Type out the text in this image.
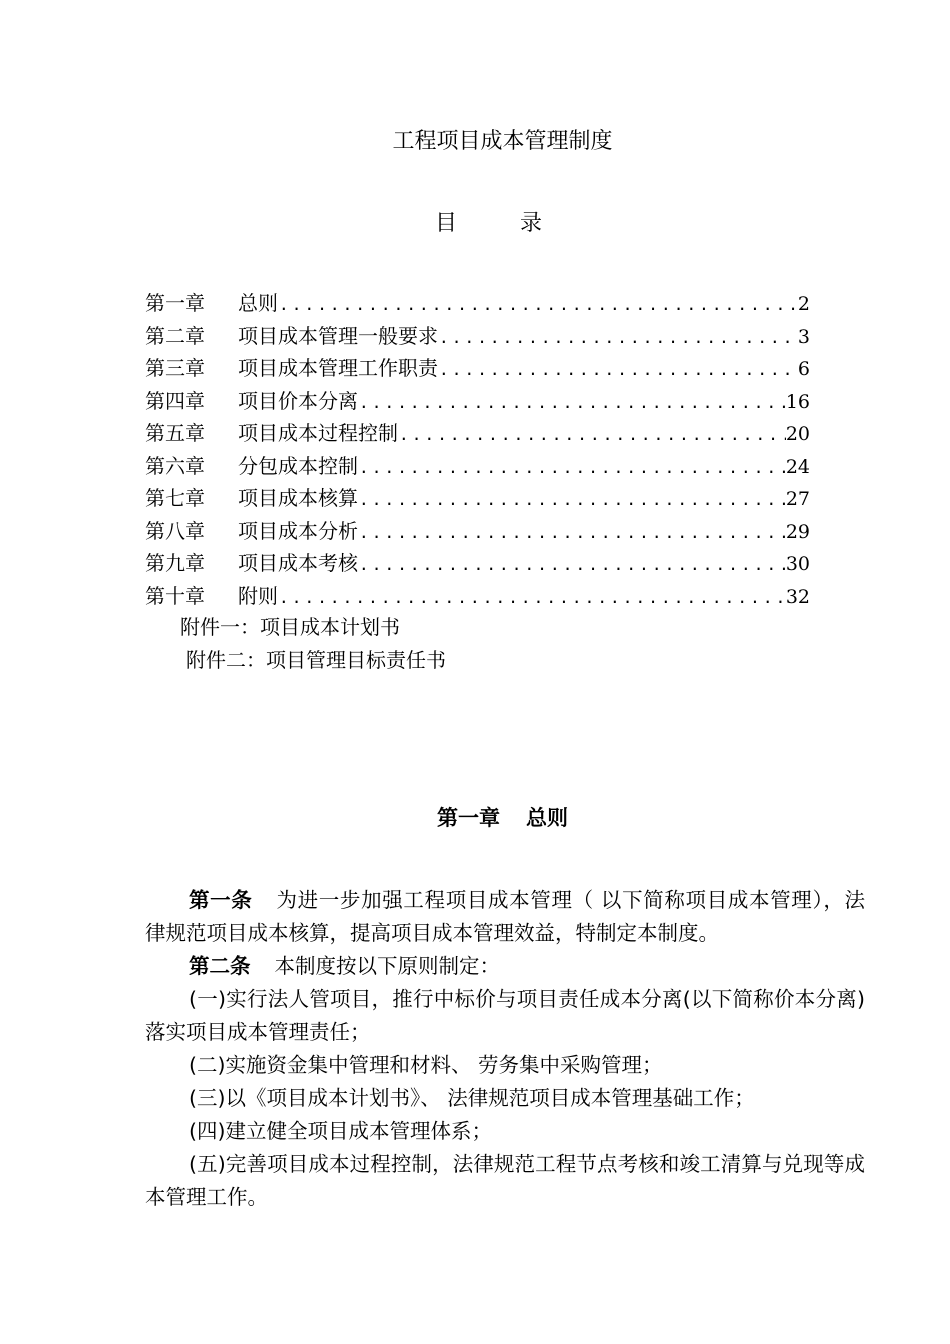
工程项目成本管理制度
目 录
第一章	总则 .....	2
第二章	项目成本管理一般要求 .....	3
第三章	项目成本管理工作职责 .....	6
第四章	项目价本分离 .....	16
第五章	项目成本过程控制 .....	20
第六章	分包成本控制 .....	24
第七章	项目成本核算 .....	27
第八章	项目成本分析 .....	29
第九章	项目成本考核 .....	30
第十章	附则 .....	32
附件一：项目成本计划书
附件二：项目管理目标责任书
第一章 总则

第一条 为进一步加强工程项目成本管理（ 以下简称项目成本管理），法律规范项目成本核算，提高项目成本管理效益，特制定本制度。

第二条 本制度按以下原则制定：

(一)实行法人管项目，推行中标价与项目责任成本分离(以下简称价本分离)落实项目成本管理责任；

(二)实施资金集中管理和材料、 劳务集中采购管理；

(三)以《项目成本计划书》、 法律规范项目成本管理基础工作；

(四)建立健全项目成本管理体系；

(五)完善项目成本过程控制，法律规范工程节点考核和竣工清算与兑现等成本管理工作。
